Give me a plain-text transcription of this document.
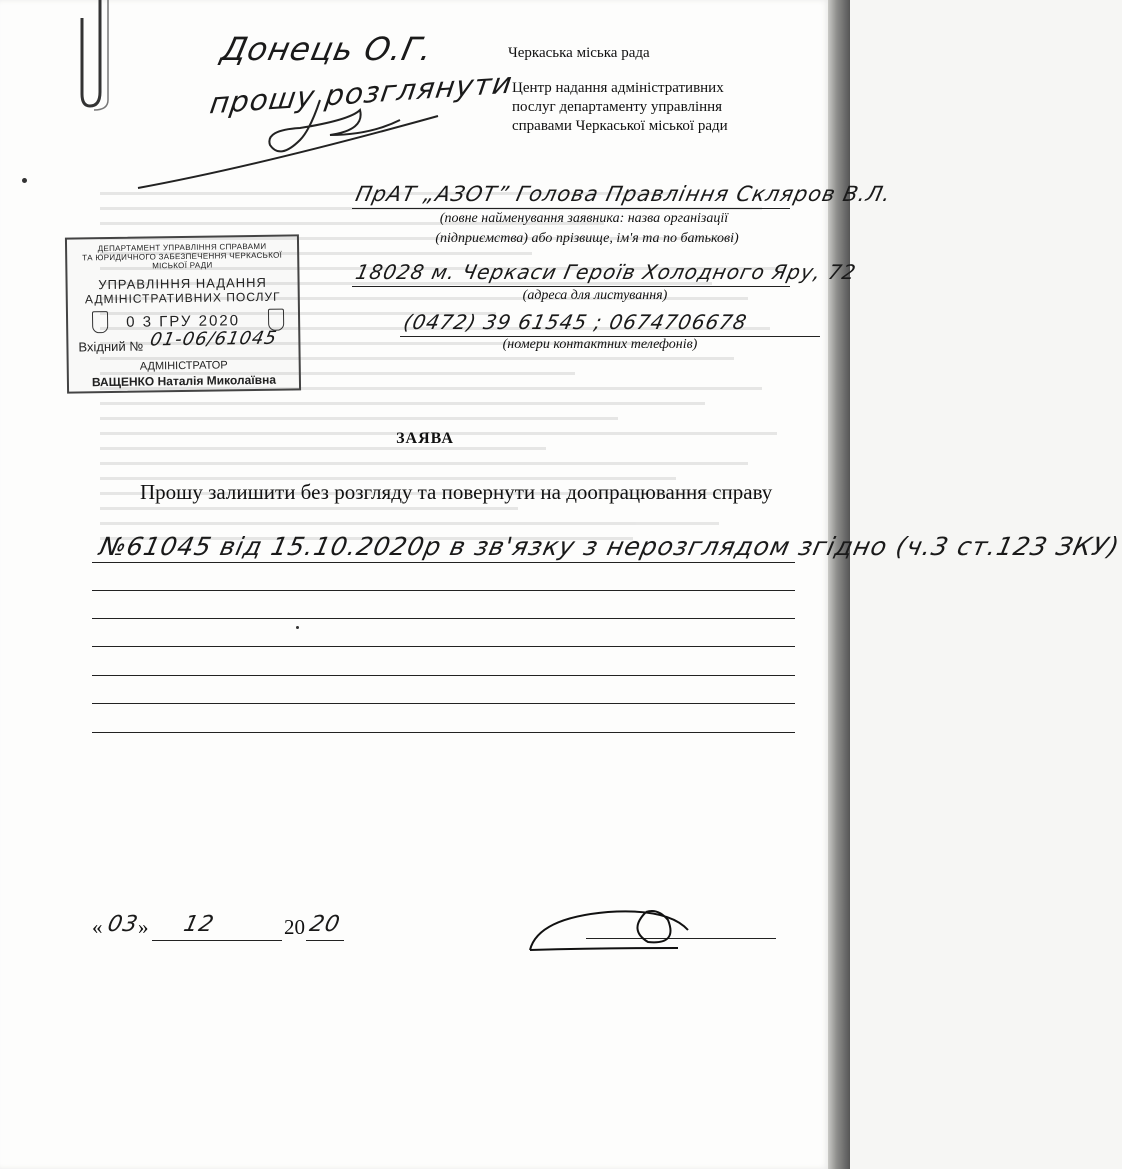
Донець О.Г.
прошу розглянути
Черкаська міська рада
Центр надання адміністративних
послуг департаменту управління
справами Черкаської міської ради
ПрАТ „АЗОТ” Голова Правління Скляров В.Л.
(повне найменування заявника: назва організації
(підприємства) або прізвище, ім'я та по батькові)
18028 м. Черкаси Героїв Холодного Яру, 72
(адреса для листування)
(0472) 39 61545 ; 0674706678
(номери контактних телефонів)
ДЕПАРТАМЕНТ УПРАВЛІННЯ СПРАВАМИ
ТА ЮРИДИЧНОГО ЗАБЕЗПЕЧЕННЯ ЧЕРКАСЬКОЇ МІСЬКОЇ РАДИ
УПРАВЛІННЯ НАДАННЯ
АДМІНІСТРАТИВНИХ ПОСЛУГ
0 3 ГРУ 2020
Вхідний № 01-06/61045
АДМІНІСТРАТОР
ВАЩЕНКО Наталія Миколаївна
ЗАЯВА
Прошу залишити без розгляду та повернути на доопрацювання справу
№61045 від 15.10.2020р в зв'язку з нерозглядом згідно (ч.3 ст.123 ЗКУ)
« 03
» 12	20 20
